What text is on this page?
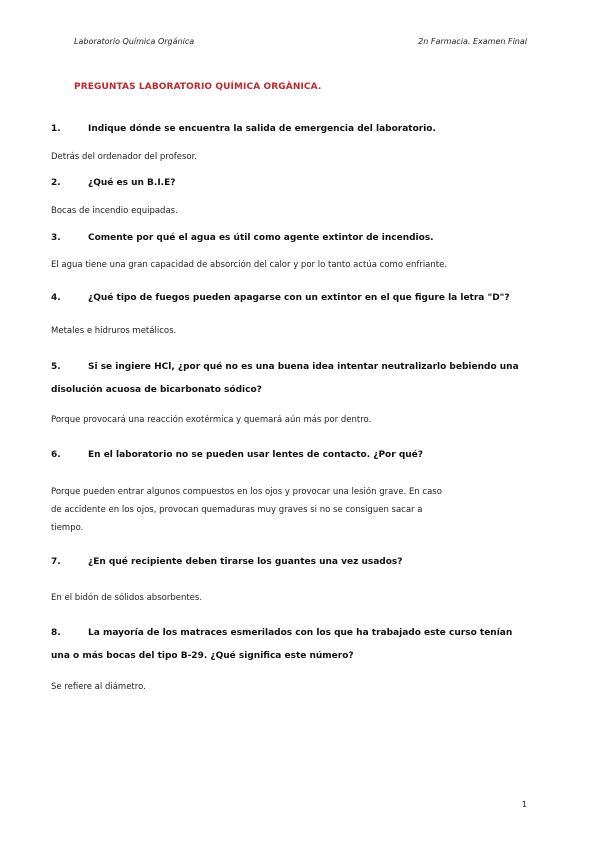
Laboratorio Química Orgánica	2n Farmacia. Examen Final
PREGUNTAS LABORATORIO QUÍMICA ORGÀNICA.
1.	Indique dónde se encuentra la salida de emergencia del laboratorio.
Detrás del ordenador del profesor.
2.	¿Qué es un B.I.E?
Bocas de incendio equipadas.
3.	Comente por qué el agua es útil como agente extintor de incendios.
El agua tiene una gran capacidad de absorción del calor y por lo tanto actúa como enfriante.
4.	¿Qué tipo de fuegos pueden apagarse con un extintor en el que figure la letra "D"?
Metales e hidruros metálicos.
5.	Si se ingiere HCl, ¿por qué no es una buena idea intentar neutralizarlo bebiendo una disolución acuosa de bicarbonato sódico?
Porque provocará una reacción exotérmica y quemará aún más por dentro.
6.	En el laboratorio no se pueden usar lentes de contacto. ¿Por qué?
Porque pueden entrar algunos compuestos en los ojos y provocar una lesión grave. En caso de accidente en los ojos, provocan quemaduras muy graves si no se consiguen sacar a tiempo.
7.	¿En qué recipiente deben tirarse los guantes una vez usados?
En el bidón de sólidos absorbentes.
8.	La mayoría de los matraces esmerilados con los que ha trabajado este curso tenían una o más bocas del tipo B-29. ¿Qué significa este número?
Se refiere al diámetro.
1
